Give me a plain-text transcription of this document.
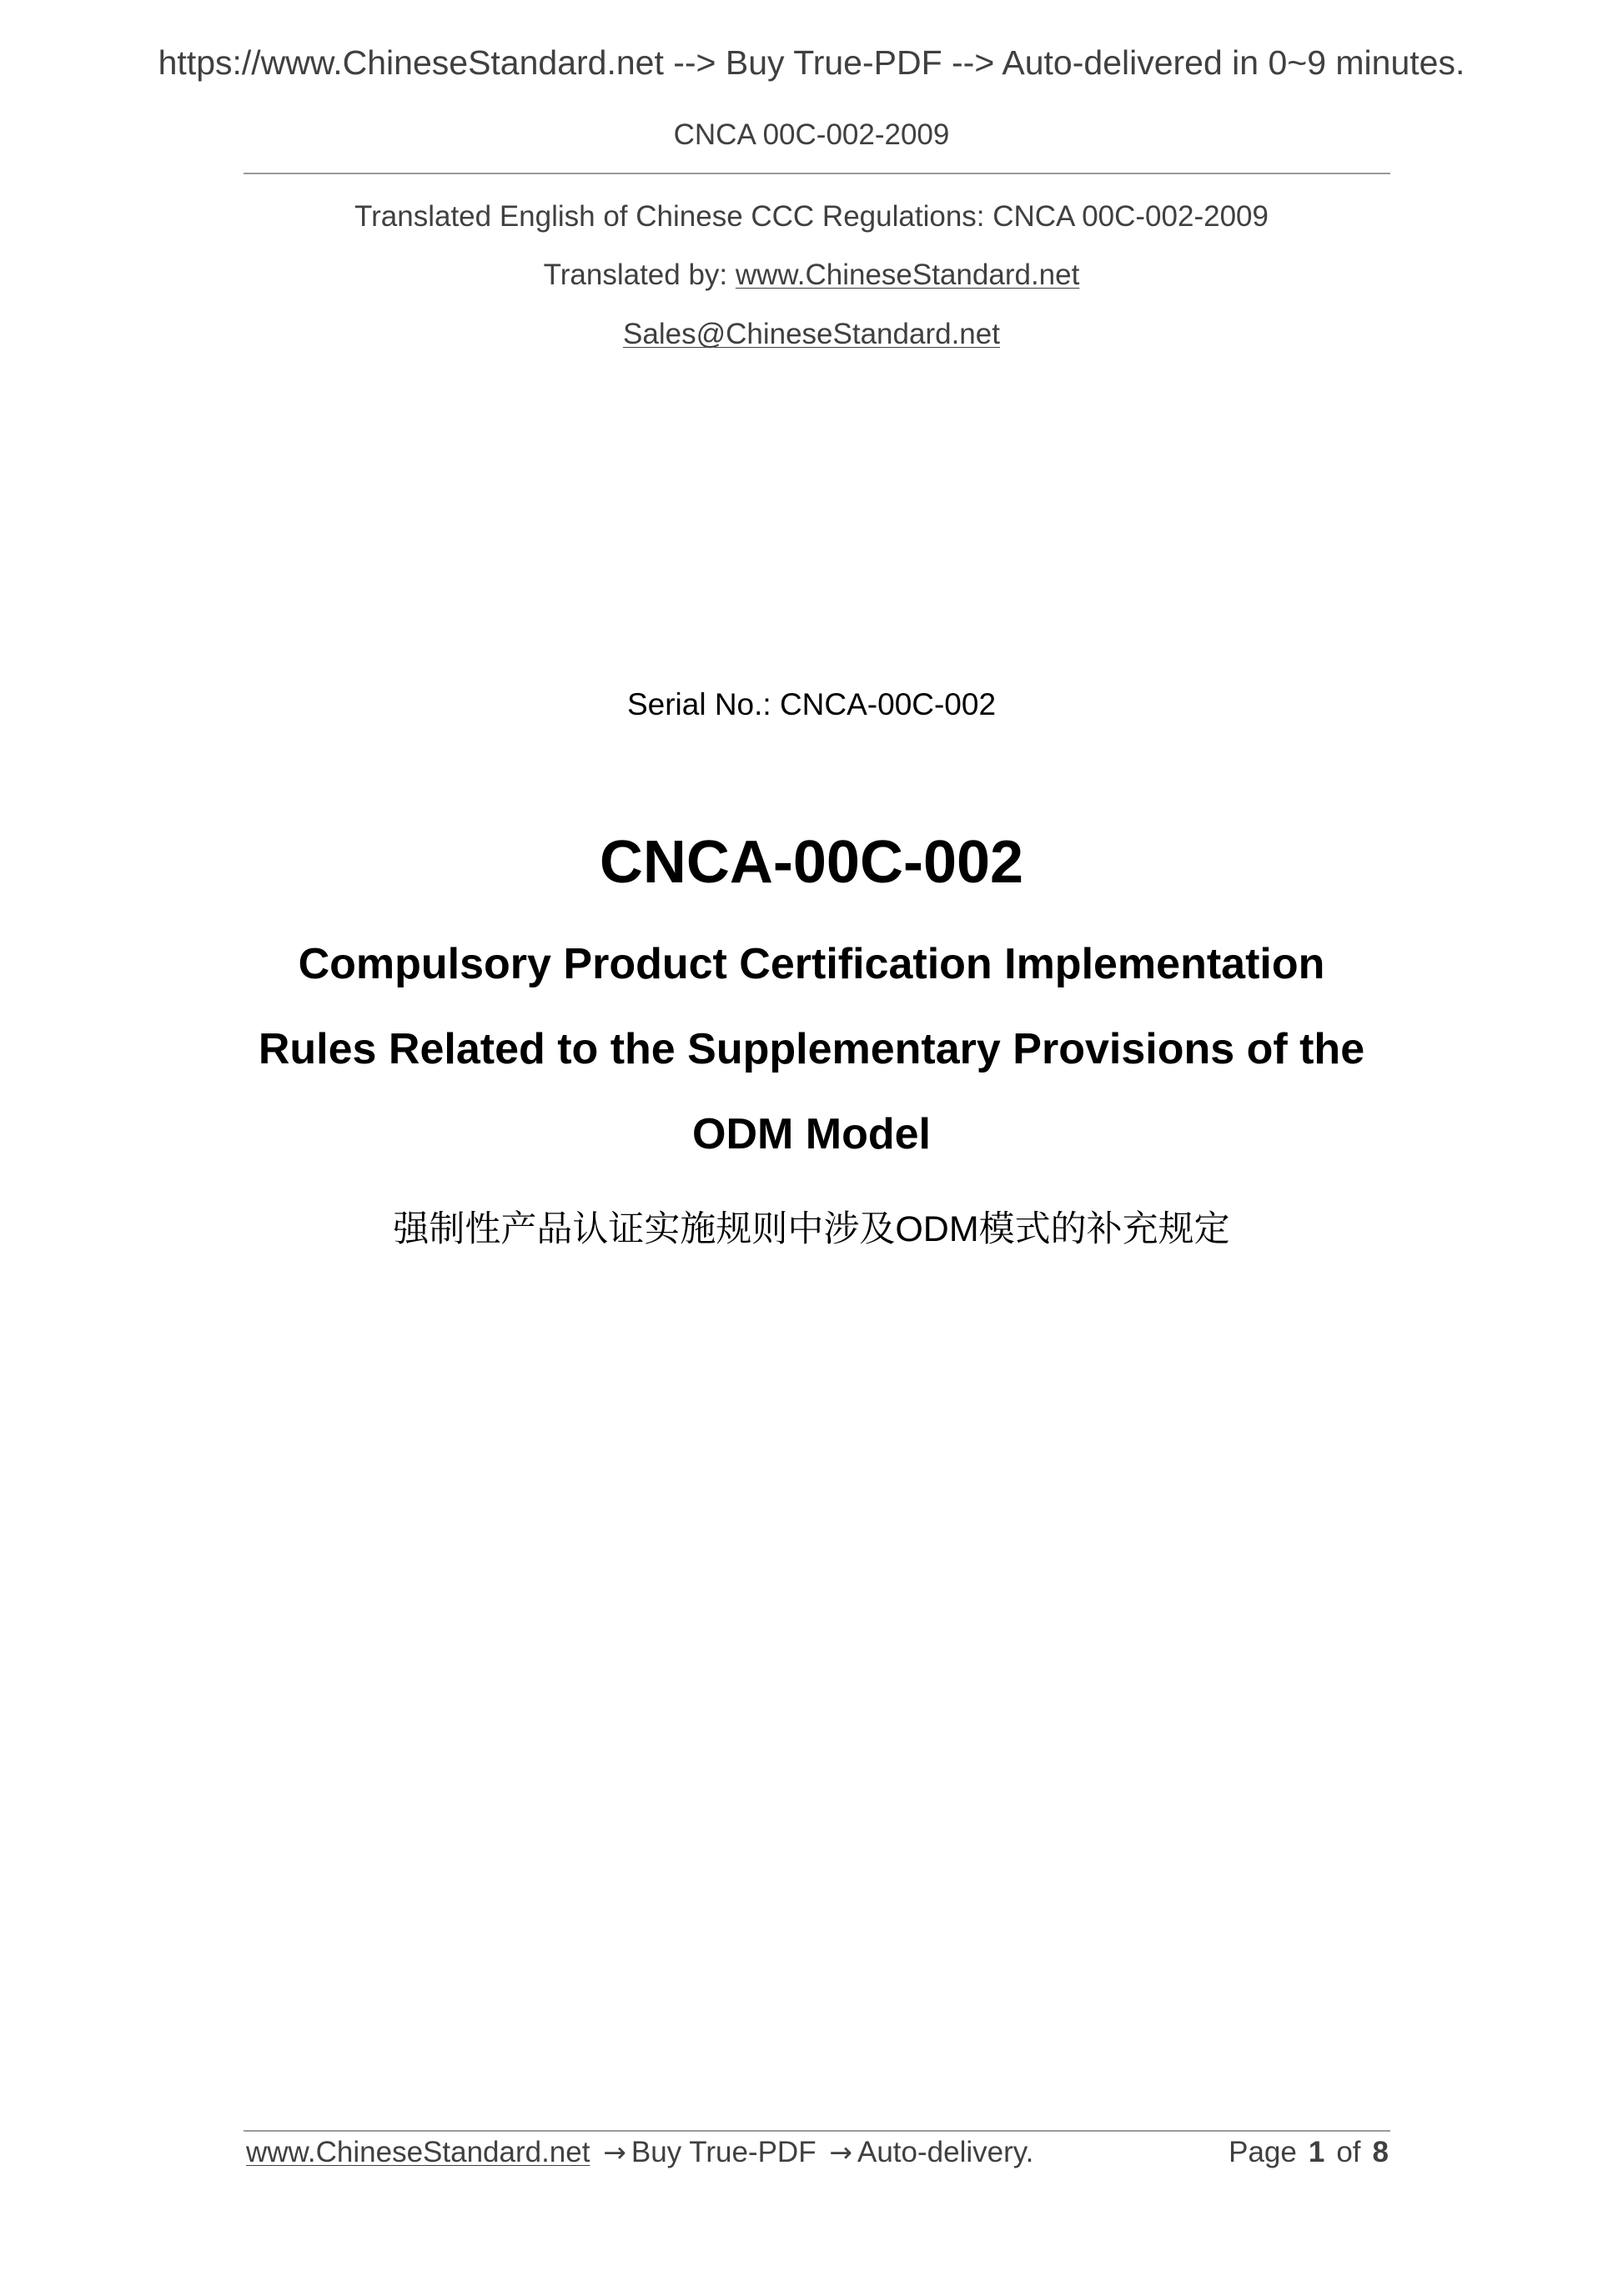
https://www.ChineseStandard.net --> Buy True-PDF --> Auto-delivered in 0~9 minutes.
CNCA 00C-002-2009
Translated English of Chinese CCC Regulations: CNCA 00C-002-2009
Translated by: www.ChineseStandard.net
Sales@ChineseStandard.net
Serial No.: CNCA-00C-002
CNCA-00C-002
Compulsory Product Certification Implementation
Rules Related to the Supplementary Provisions of the
ODM Model
强制性产品认证实施规则中涉及ODM模式的补充规定
www.ChineseStandard.net → Buy True-PDF → Auto-delivery.	Page 1 of 8
